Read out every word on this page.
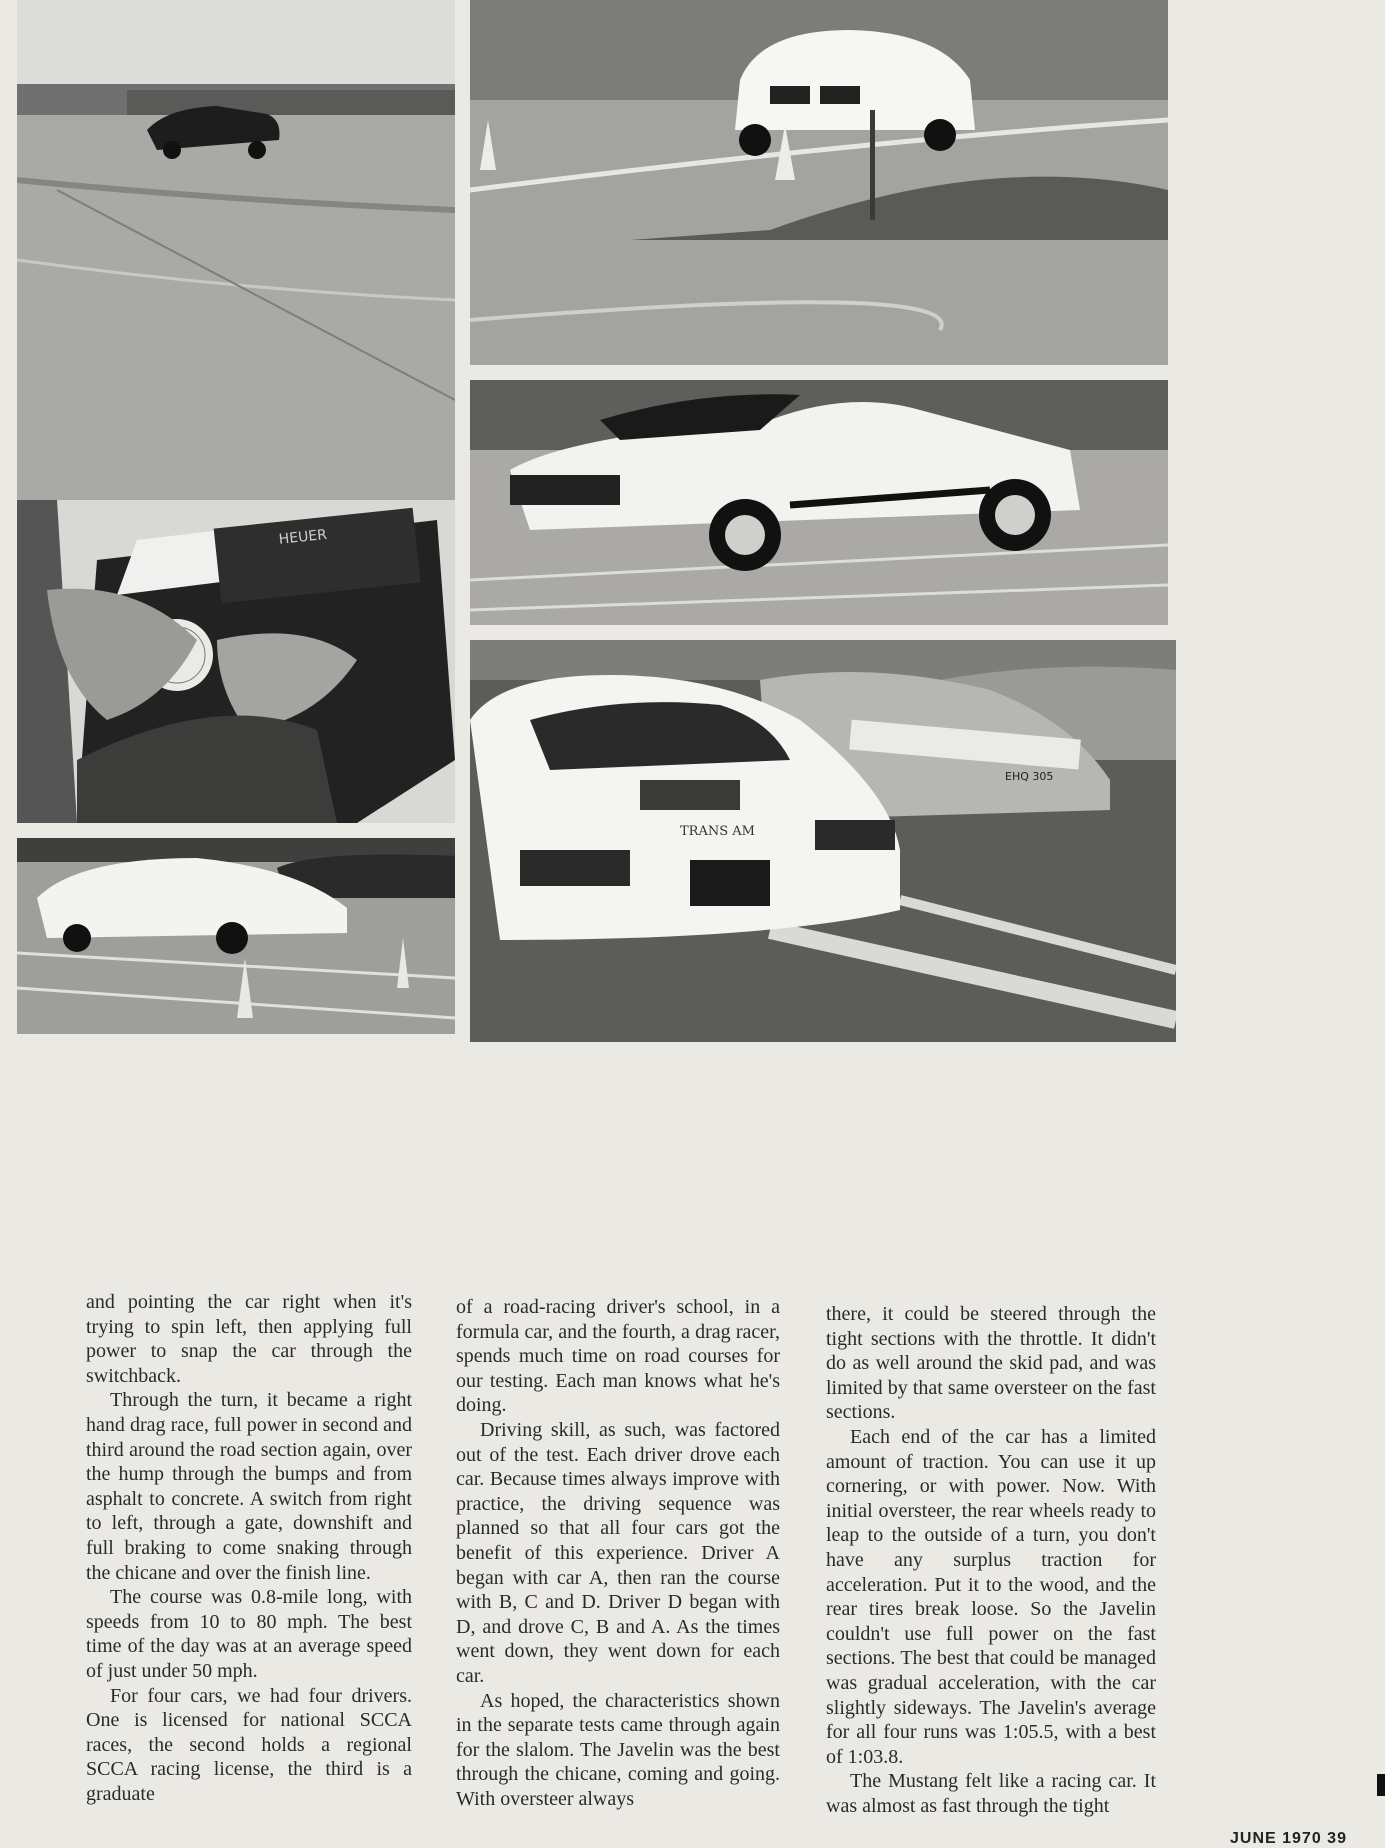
HEUER
TRANS AM
EHQ 305

and pointing the car right when it's trying to spin left, then applying full power to snap the car through the switchback.

Through the turn, it became a right hand drag race, full power in second and third around the road section again, over the hump through the bumps and from asphalt to concrete. A switch from right to left, through a gate, downshift and full braking to come snaking through the chicane and over the finish line.

The course was 0.8-mile long, with speeds from 10 to 80 mph. The best time of the day was at an average speed of just under 50 mph.

For four cars, we had four drivers. One is licensed for national SCCA races, the second holds a regional SCCA racing license, the third is a graduate

of a road-racing driver's school, in a formula car, and the fourth, a drag racer, spends much time on road courses for our testing. Each man knows what he's doing.

Driving skill, as such, was factored out of the test. Each driver drove each car. Because times always improve with practice, the driving sequence was planned so that all four cars got the benefit of this experience. Driver A began with car A, then ran the course with B, C and D. Driver D began with D, and drove C, B and A. As the times went down, they went down for each car.

As hoped, the characteristics shown in the separate tests came through again for the slalom. The Javelin was the best through the chicane, coming and going. With oversteer always

there, it could be steered through the tight sections with the throttle. It didn't do as well around the skid pad, and was limited by that same oversteer on the fast sections.

Each end of the car has a limited amount of traction. You can use it up cornering, or with power. Now. With initial oversteer, the rear wheels ready to leap to the outside of a turn, you don't have any surplus traction for acceleration. Put it to the wood, and the rear tires break loose. So the Javelin couldn't use full power on the fast sections. The best that could be managed was gradual acceleration, with the car slightly sideways. The Javelin's average for all four runs was 1:05.5, with a best of 1:03.8.

The Mustang felt like a racing car. It was almost as fast through the tight

JUNE 1970 39
